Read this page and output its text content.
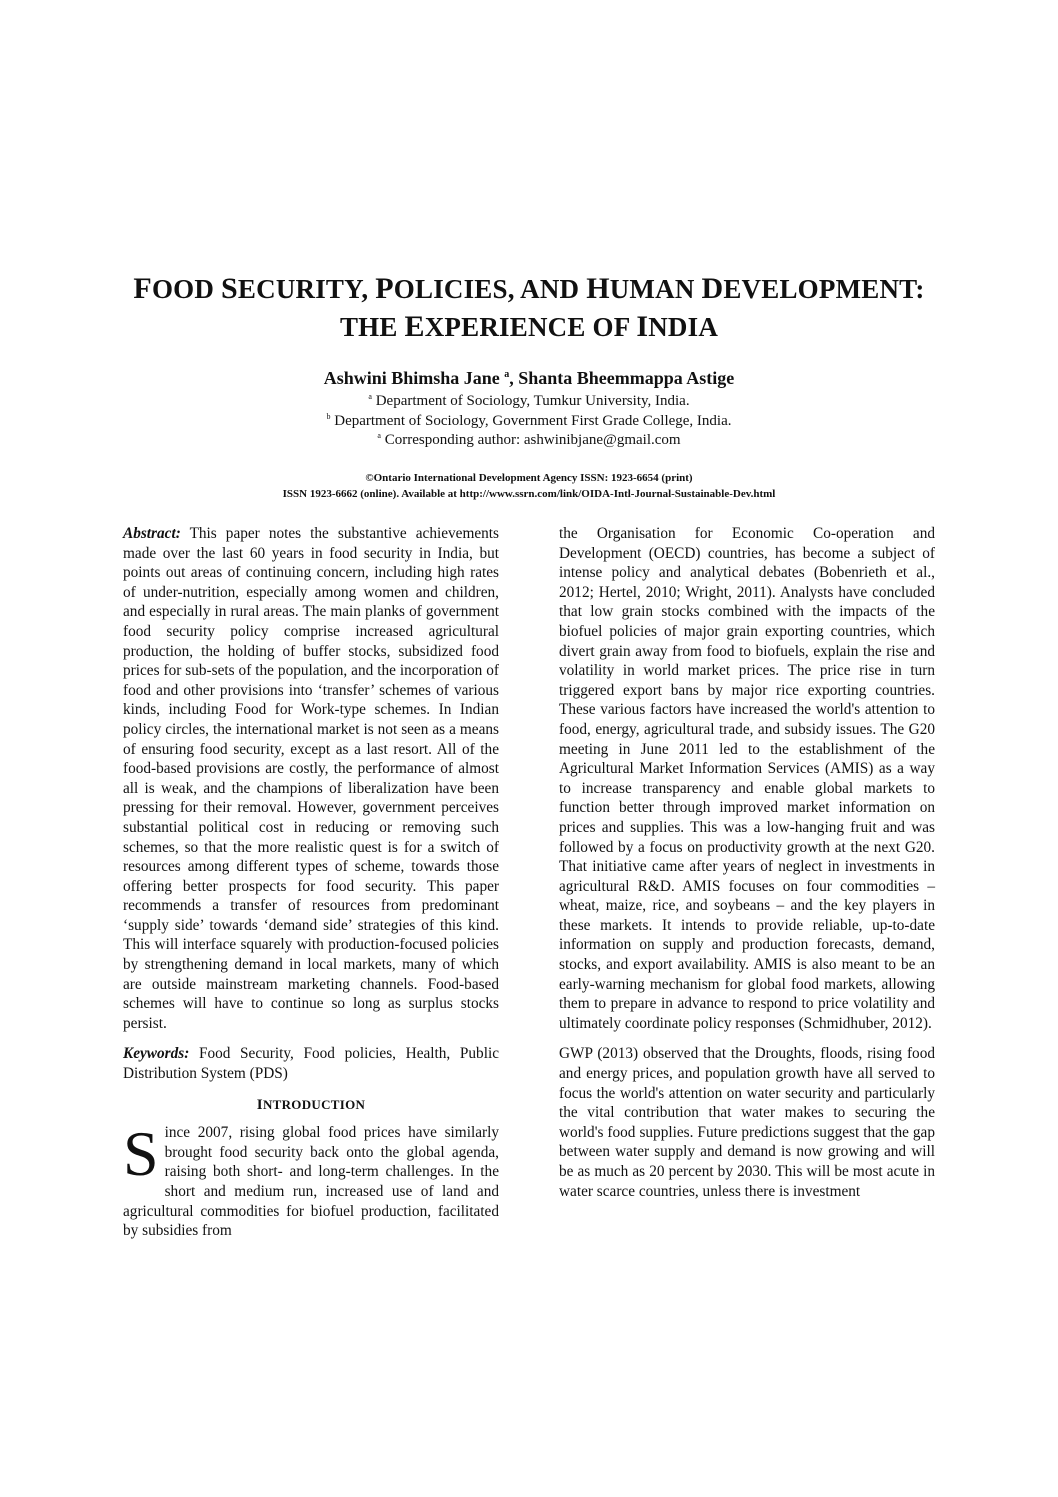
FOOD SECURITY, POLICIES, AND HUMAN DEVELOPMENT:
THE EXPERIENCE OF INDIA

Ashwini Bhimsha Jane $^a$, Shanta Bheemmappa Astige

$^a$ Department of Sociology, Tumkur University, India.

$^b$ Department of Sociology, Government First Grade College, India.

$^a$ Corresponding author: ashwinibjane@gmail.com

©Ontario International Development Agency ISSN: 1923-6654 (print)

ISSN 1923-6662 (online). Available at http://www.ssrn.com/link/OIDA-Intl-Journal-Sustainable-Dev.html

Abstract: This paper notes the substantive achievements made over the last 60 years in food security in India, but points out areas of continuing concern, including high rates of under-nutrition, especially among women and children, and especially in rural areas. The main planks of government food security policy comprise increased agricultural production, the holding of buffer stocks, subsidized food prices for sub-sets of the population, and the incorporation of food and other provisions into ‘transfer’ schemes of various kinds, including Food for Work-type schemes. In Indian policy circles, the international market is not seen as a means of ensuring food security, except as a last resort. All of the food-based provisions are costly, the performance of almost all is weak, and the champions of liberalization have been pressing for their removal. However, government perceives substantial political cost in reducing or removing such schemes, so that the more realistic quest is for a switch of resources among different types of scheme, towards those offering better prospects for food security. This paper recommends a transfer of resources from predominant ‘supply side’ towards ‘demand side’ strategies of this kind. This will interface squarely with production-focused policies by strengthening demand in local markets, many of which are outside mainstream marketing channels. Food-based schemes will have to continue so long as surplus stocks persist.

Keywords: Food Security, Food policies, Health, Public Distribution System (PDS)

INTRODUCTION

Since 2007, rising global food prices have similarly brought food security back onto the global agenda, raising both short- and long-term challenges. In the short and medium run, increased use of land and agricultural commodities for biofuel production, facilitated by subsidies from

the Organisation for Economic Co-operation and Development (OECD) countries, has become a subject of intense policy and analytical debates (Bobenrieth et al., 2012; Hertel, 2010; Wright, 2011). Analysts have concluded that low grain stocks combined with the impacts of the biofuel policies of major grain exporting countries, which divert grain away from food to biofuels, explain the rise and volatility in world market prices. The price rise in turn triggered export bans by major rice exporting countries. These various factors have increased the world's attention to food, energy, agricultural trade, and subsidy issues. The G20 meeting in June 2011 led to the establishment of the Agricultural Market Information Services (AMIS) as a way to increase transparency and enable global markets to function better through improved market information on prices and supplies. This was a low-hanging fruit and was followed by a focus on productivity growth at the next G20. That initiative came after years of neglect in investments in agricultural R&D. AMIS focuses on four commodities – wheat, maize, rice, and soybeans – and the key players in these markets. It intends to provide reliable, up-to-date information on supply and production forecasts, demand, stocks, and export availability. AMIS is also meant to be an early-warning mechanism for global food markets, allowing them to prepare in advance to respond to price volatility and ultimately coordinate policy responses (Schmidhuber, 2012).

GWP (2013) observed that the Droughts, floods, rising food and energy prices, and population growth have all served to focus the world's attention on water security and particularly the vital contribution that water makes to securing the world's food supplies. Future predictions suggest that the gap between water supply and demand is now growing and will be as much as 20 percent by 2030. This will be most acute in water scarce countries, unless there is investment
